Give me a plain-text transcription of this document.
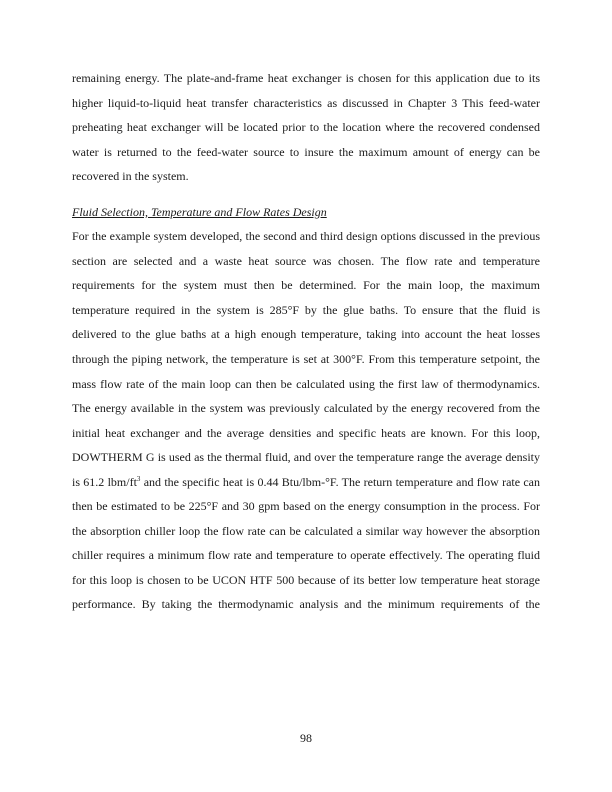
remaining energy. The plate-and-frame heat exchanger is chosen for this application due to its
higher liquid-to-liquid heat transfer characteristics as discussed in Chapter 3 This feed-water
preheating heat exchanger will be located prior to the location where the recovered condensed
water is returned to the feed-water source to insure the maximum amount of energy can be
recovered in the system.

Fluid Selection, Temperature and Flow Rates Design

For the example system developed, the second and third design options discussed in the previous
section are selected and a waste heat source was chosen. The flow rate and temperature
requirements for the system must then be determined. For the main loop, the maximum
temperature required in the system is 285°F by the glue baths. To ensure that the fluid is
delivered to the glue baths at a high enough temperature, taking into account the heat losses
through the piping network, the temperature is set at 300°F. From this temperature setpoint, the
mass flow rate of the main loop can then be calculated using the first law of thermodynamics.
The energy available in the system was previously calculated by the energy recovered from the
initial heat exchanger and the average densities and specific heats are known. For this loop,
DOWTHERM G is used as the thermal fluid, and over the temperature range the average density
is 61.2 lbm/$ft^3$ and the specific heat is 0.44 Btu/lbm-°F. The return temperature and flow rate can
then be estimated to be 225°F and 30 gpm based on the energy consumption in the process. For
the absorption chiller loop the flow rate can be calculated a similar way however the absorption
chiller requires a minimum flow rate and temperature to operate effectively. The operating fluid
for this loop is chosen to be UCON HTF 500 because of its better low temperature heat storage
performance. By taking the thermodynamic analysis and the minimum requirements of the

98
